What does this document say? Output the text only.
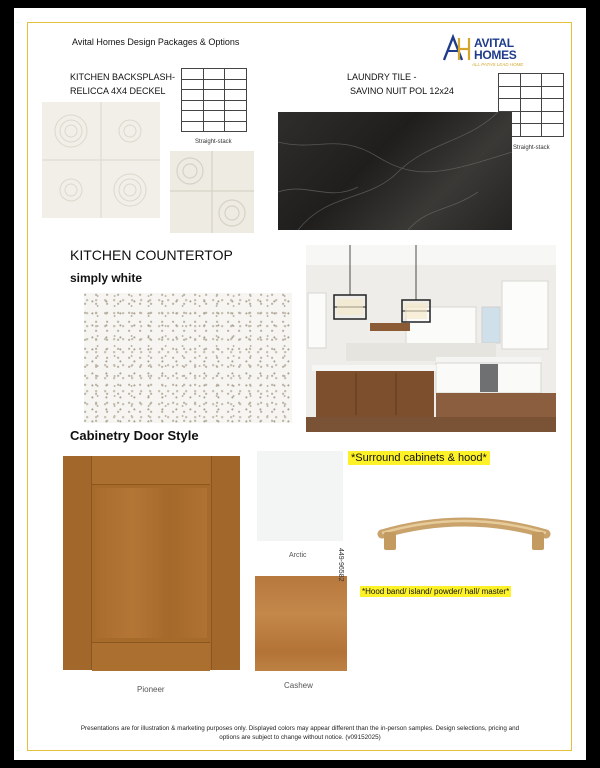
Avital Homes Design Packages & Options	AVITAL HOMES
ALL PATHS LEAD HOME
KITCHEN BACKSPLASH-
RELICCA 4X4 DECKEL

Straight-stack
LAUNDRY TILE -
SAVINO NUIT POL 12x24

Straight-stack
KITCHEN COUNTERTOP
simply white
Cabinetry Door Style
Pioneer
Arctic
Cashew
*Surround cabinets & hood*
449-96582
*Hood band/ island/ powder/ hall/ master*
Presentations are for illustration & marketing purposes only. Displayed colors may appear different than the in-person samples. Design selections, pricing and
options are subject to change without notice. (v09152025)
